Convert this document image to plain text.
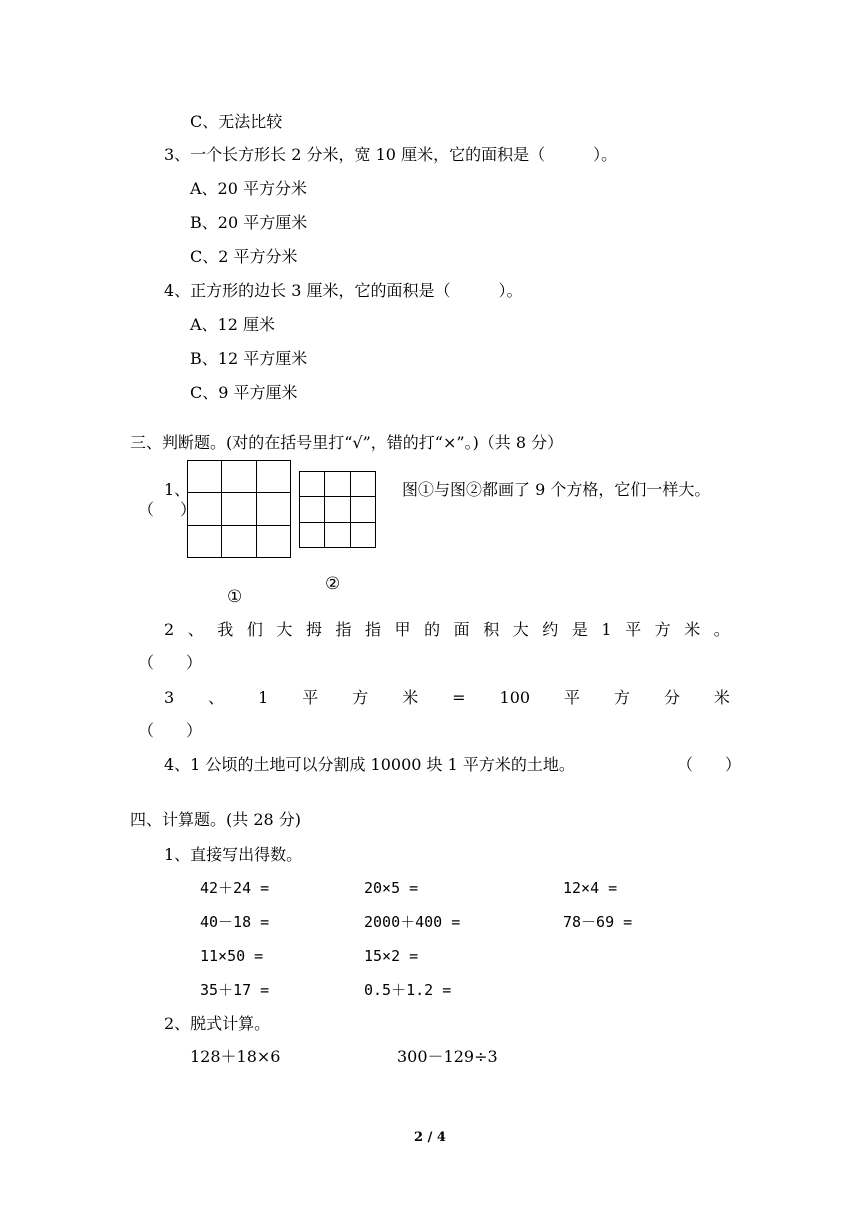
C、无法比较
3、一个长方形长 2 分米，宽 10 厘米，它的面积是（　　　）。
A、20 平方分米
B、20 平方厘米
C、2 平方分米
4、正方形的边长 3 厘米，它的面积是（　　　）。
A、12 厘米
B、12 平方厘米
C、9 平方厘米
三、判断题。(对的在括号里打“√”，错的打“×”。)（共 8 分）
1、

（ ）
图①与图②都画了 9 个方格，它们一样大。
②
①
2 、 我 们 大 拇 指 指 甲 的 面 积 大 约 是 1 平 方 米 。
（　　）
3 、 1 平 方 米 = 100 平 方 分 米
（　　）
4、1 公顷的土地可以分割成 10000 块 1 平方米的土地。	（　　）
四、计算题。(共 28 分)
1、直接写出得数。
42＋24 =	20×5 =	12×4 =
40－18 =	2000＋400 =	78－69 =
11×50 =	15×2 =
35＋17 =	0.5＋1.2 =
2、脱式计算。
128＋18×6	300－129÷3
2 / 4
